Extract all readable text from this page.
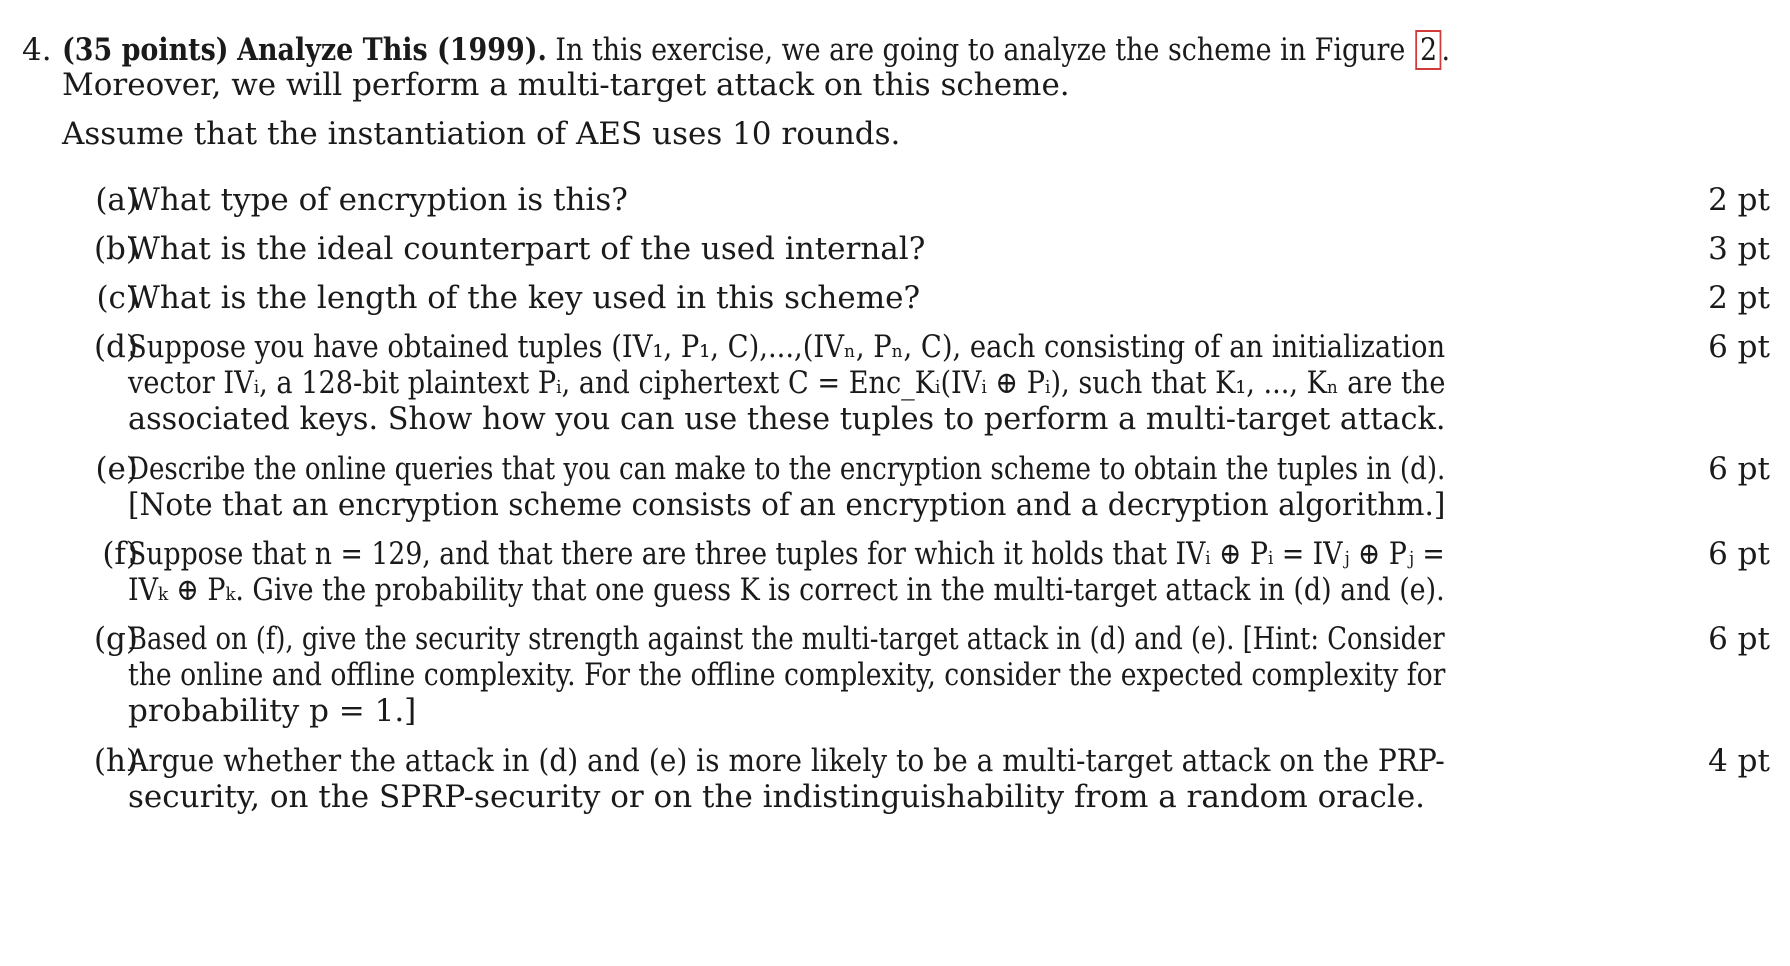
4. (35 points) Analyze This (1999). In this exercise, we are going to analyze the scheme in Figure 2 .
Moreover, we will perform a multi-target attack on this scheme.
Assume that the instantiation of AES uses 10 rounds.
(a)
What type of encryption is this?	2 pt
(b)
What is the ideal counterpart of the used internal?	3 pt
(c)
What is the length of the key used in this scheme?	2 pt
(d)
Suppose you have obtained tuples (IV₁, P₁, C),...,(IVₙ, Pₙ, C), each consisting of an initialization
vector IVᵢ, a 128-bit plaintext Pᵢ, and ciphertext C = Enc_Kᵢ(IVᵢ ⊕ Pᵢ), such that K₁, ..., Kₙ are the
associated keys. Show how you can use these tuples to perform a multi-target attack.
6 pt
(e)
Describe the online queries that you can make to the encryption scheme to obtain the tuples in (d).
[Note that an encryption scheme consists of an encryption and a decryption algorithm.]
6 pt
(f)
Suppose that n = 129, and that there are three tuples for which it holds that IVᵢ ⊕ Pᵢ = IVⱼ ⊕ Pⱼ =
IVₖ ⊕ Pₖ. Give the probability that one guess K is correct in the multi-target attack in (d) and (e).
6 pt
(g)
Based on (f), give the security strength against the multi-target attack in (d) and (e). [Hint: Consider
the online and offline complexity. For the offline complexity, consider the expected complexity for
probability p = 1.]
6 pt
(h)
Argue whether the attack in (d) and (e) is more likely to be a multi-target attack on the PRP-
security, on the SPRP-security or on the indistinguishability from a random oracle.
4 pt
